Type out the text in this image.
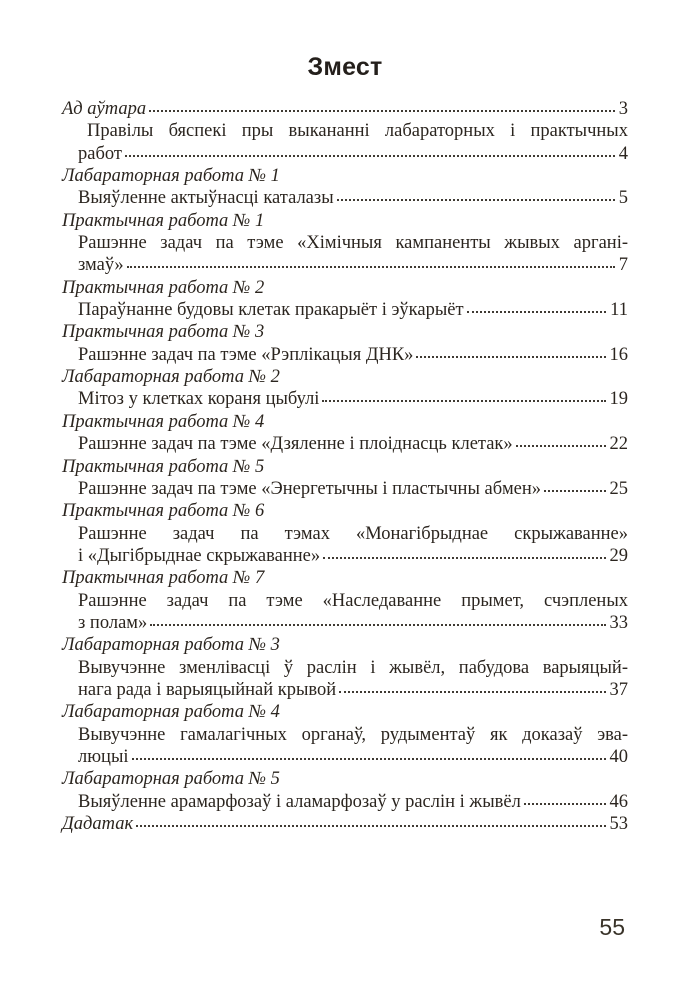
Змест
Ад аўтара	3
Правілы бяспекі пры выкананні лабараторных і практычных
работ	4
Лабараторная работа № 1
Выяўленне актыўнасці каталазы	5
Практычная работа № 1
Рашэнне задач па тэме «Хімічныя кампаненты жывых аргані-
змаў»	7
Практычная работа № 2
Параўнанне будовы клетак пракарыёт і эўкарыёт	11
Практычная работа № 3
Рашэнне задач па тэме «Рэплікацыя ДНК»	16
Лабараторная работа № 2
Мітоз у клетках кораня цыбулі	19
Практычная работа № 4
Рашэнне задач па тэме «Дзяленне і плоіднасць клетак»	22
Практычная работа № 5
Рашэнне задач па тэме «Энергетычны і пластычны абмен»	25
Практычная работа № 6
Рашэнне задач па тэмах «Монагібрыднае скрыжаванне»
і «Дыгібрыднае скрыжаванне»	29
Практычная работа № 7
Рашэнне задач па тэме «Наследаванне прымет, счэпленых
з полам»	33
Лабараторная работа № 3
Вывучэнне зменлівасці ў раслін і жывёл, пабудова варыяцый-
нага рада і варыяцыйнай крывой	37
Лабараторная работа № 4
Вывучэнне гамалагічных органаў, рудыментаў як доказаў эва-
люцыі	40
Лабараторная работа № 5
Выяўленне арамарфозаў і аламарфозаў у раслін і жывёл	46
Дадатак	53
55
